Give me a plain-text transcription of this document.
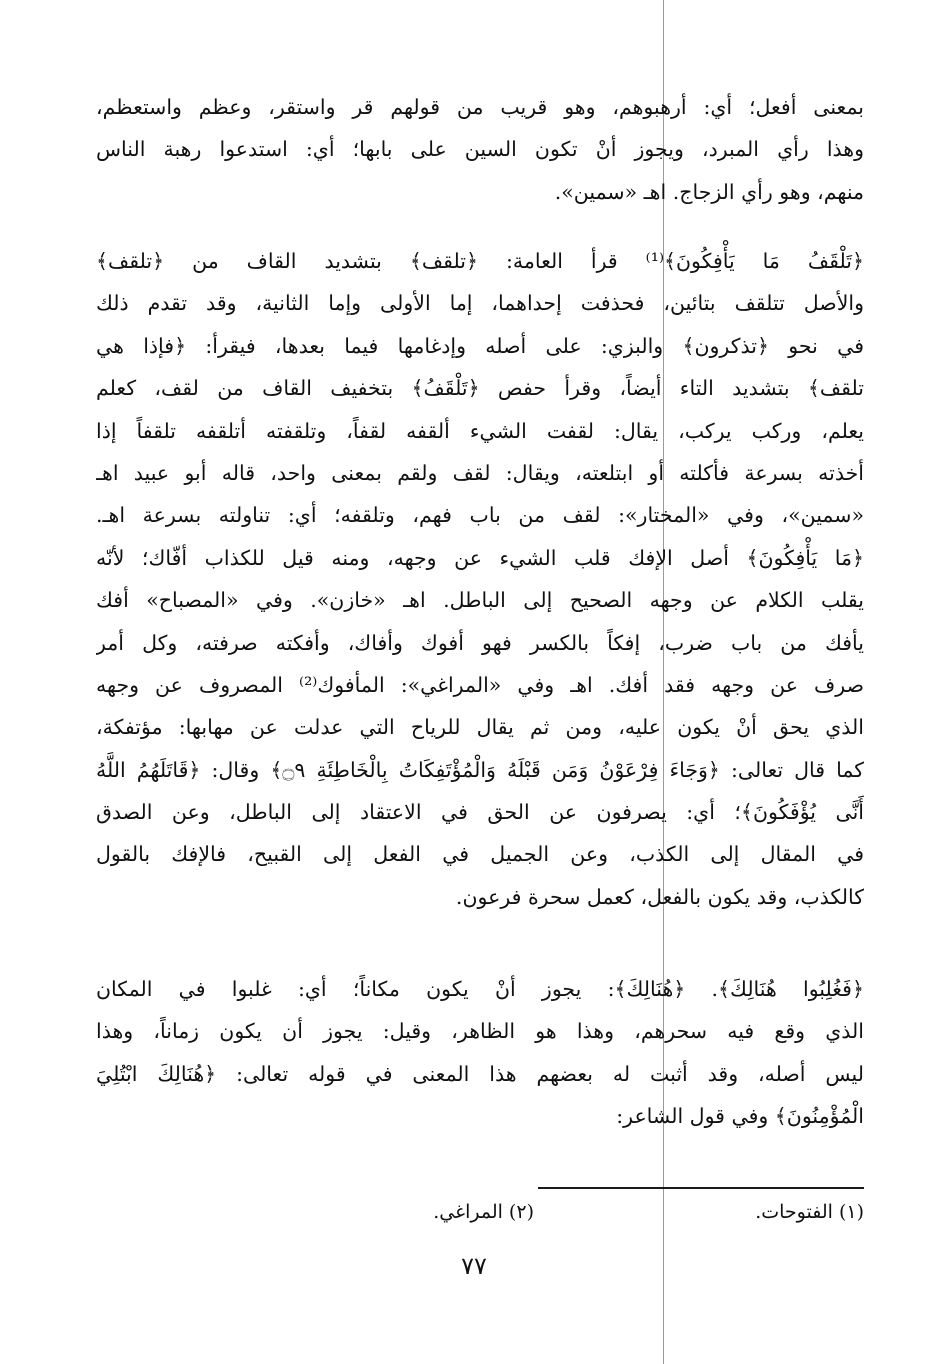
بمعنى أفعل؛ أي: أرهبوهم، وهو قريب من قولهم قر واستقر، وعظم واستعظم،
وهذا رأي المبرد، ويجوز أنْ تكون السين على بابها؛ أي: استدعوا رهبة الناس
منهم، وهو رأي الزجاج. اهـ «سمين».
﴿تَلْقَفُ مَا يَأْفِكُونَ﴾⁽¹⁾ قرأ العامة: ﴿تلقف﴾ بتشديد القاف من ﴿تلقف﴾
والأصل تتلقف بتائين، فحذفت إحداهما، إما الأولى وإما الثانية، وقد تقدم ذلك
في نحو ﴿تذكرون﴾ والبزي: على أصله وإدغامها فيما بعدها، فيقرأ: ﴿فإذا هي
تلقف﴾ بتشديد التاء أيضاً، وقرأ حفص ﴿تَلْقَفُ﴾ بتخفيف القاف من لقف، كعلم
يعلم، وركب يركب، يقال: لقفت الشيء ألقفه لقفاً، وتلقفته أتلقفه تلقفاً إذا
أخذته بسرعة فأكلته أو ابتلعته، ويقال: لقف ولقم بمعنى واحد، قاله أبو عبيد اهـ
«سمين»، وفي «المختار»: لقف من باب فهم، وتلقفه؛ أي: تناولته بسرعة اهـ.
﴿مَا يَأْفِكُونَ﴾ أصل الإفك قلب الشيء عن وجهه، ومنه قيل للكذاب أفّاك؛ لأنّه
يقلب الكلام عن وجهه الصحيح إلى الباطل. اهـ «خازن». وفي «المصباح» أفك
يأفك من باب ضرب، إفكاً بالكسر فهو أفوك وأفاك، وأفكته صرفته، وكل أمر
صرف عن وجهه فقد أفك. اهـ وفي «المراغي»: المأفوك⁽²⁾ المصروف عن وجهه
الذي يحق أنْ يكون عليه، ومن ثم يقال للرياح التي عدلت عن مهابها: مؤتفكة،
كما قال تعالى: ﴿وَجَاءَ فِرْعَوْنُ وَمَن قَبْلَهُ وَالْمُؤْتَفِكَاتُ بِالْخَاطِئَةِ ۝٩﴾ وقال: ﴿قَاتَلَهُمُ اللَّهُ
أَنَّى يُؤْفَكُونَ﴾؛ أي: يصرفون عن الحق في الاعتقاد إلى الباطل، وعن الصدق
في المقال إلى الكذب، وعن الجميل في الفعل إلى القبيح، فالإفك بالقول
كالكذب، وقد يكون بالفعل، كعمل سحرة فرعون.
﴿فَغُلِبُوا هُنَالِكَ﴾. ﴿هُنَالِكَ﴾: يجوز أنْ يكون مكاناً؛ أي: غلبوا في المكان
الذي وقع فيه سحرهم، وهذا هو الظاهر، وقيل: يجوز أن يكون زماناً، وهذا
ليس أصله، وقد أثبت له بعضهم هذا المعنى في قوله تعالى: ﴿هُنَالِكَ ابْتُلِيَ
الْمُؤْمِنُونَ﴾ وفي قول الشاعر:
(١) الفتوحات.
(٢) المراغي.
٧٧
